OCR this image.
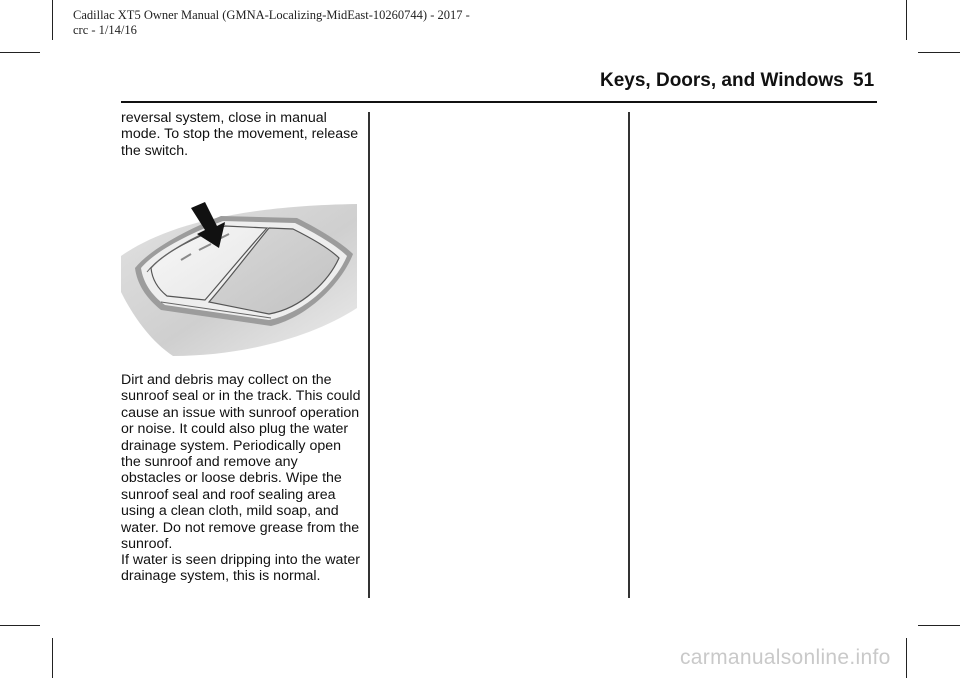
Cadillac XT5 Owner Manual (GMNA-Localizing-MidEast-10260744) - 2017 -
crc - 1/14/16
Keys, Doors, and Windows 51

reversal system, close in manual mode. To stop the movement, release the switch.

Dirt and debris may collect on the sunroof seal or in the track. This could cause an issue with sunroof operation or noise. It could also plug the water drainage system. Periodically open the sunroof and remove any obstacles or loose debris. Wipe the sunroof seal and roof sealing area using a clean cloth, mild soap, and water. Do not remove grease from the sunroof.

If water is seen dripping into the water drainage system, this is normal.

carmanualsonline.info
